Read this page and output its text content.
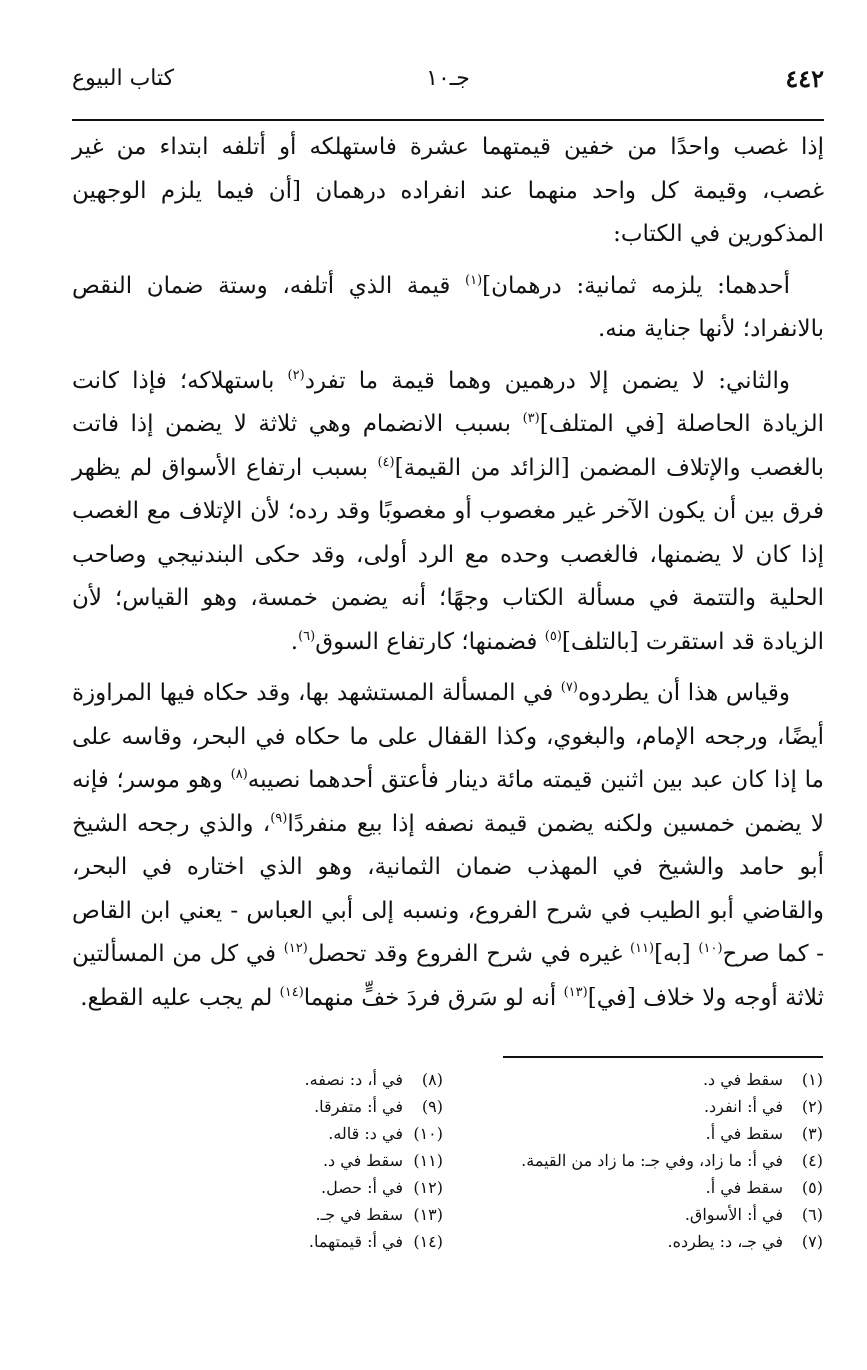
٤٤٢
جـ١٠
كتاب البيوع

إذا غصب واحدًا من خفين قيمتهما عشرة فاستهلكه أو أتلفه ابتداء من غير غصب، وقيمة كل واحد منهما عند انفراده درهمان [أن فيما يلزم الوجهين المذكورين في الكتاب:

أحدهما: يلزمه ثمانية: درهمان]$^{(١)}$ قيمة الذي أتلفه، وستة ضمان النقص بالانفراد؛ لأنها جناية منه.

والثاني: لا يضمن إلا درهمين وهما قيمة ما تفرد$^{(٢)}$ باستهلاكه؛ فإذا كانت الزيادة الحاصلة [في المتلف]$^{(٣)}$ بسبب الانضمام وهي ثلاثة لا يضمن إذا فاتت بالغصب والإتلاف المضمن [الزائد من القيمة]$^{(٤)}$ بسبب ارتفاع الأسواق لم يظهر فرق بين أن يكون الآخر غير مغصوب أو مغصوبًا وقد رده؛ لأن الإتلاف مع الغصب إذا كان لا يضمنها، فالغصب وحده مع الرد أولى، وقد حكى البندنيجي وصاحب الحلية والتتمة في مسألة الكتاب وجهًا؛ أنه يضمن خمسة، وهو القياس؛ لأن الزيادة قد استقرت [بالتلف]$^{(٥)}$ فضمنها؛ كارتفاع السوق$^{(٦)}$.

وقياس هذا أن يطردوه$^{(٧)}$ في المسألة المستشهد بها، وقد حكاه فيها المراوزة أيضًا، ورجحه الإمام، والبغوي، وكذا القفال على ما حكاه في البحر، وقاسه على ما إذا كان عبد بين اثنين قيمته مائة دينار فأعتق أحدهما نصيبه$^{(٨)}$ وهو موسر؛ فإنه لا يضمن خمسين ولكنه يضمن قيمة نصفه إذا بيع منفردًا$^{(٩)}$، والذي رجحه الشيخ أبو حامد والشيخ في المهذب ضمان الثمانية، وهو الذي اختاره في البحر، والقاضي أبو الطيب في شرح الفروع، ونسبه إلى أبي العباس - يعني ابن القاص - كما صرح$^{(١٠)}$ [به]$^{(١١)}$ غيره في شرح الفروع وقد تحصل$^{(١٢)}$ في كل من المسألتين ثلاثة أوجه ولا خلاف [في]$^{(١٣)}$ أنه لو سَرق فردَ خفٍّ منهما$^{(١٤)}$ لم يجب عليه القطع.

(١)سقط في د.
(٢)في أ: انفرد.
(٣)سقط في أ.
(٤)في أ: ما زاد، وفي جـ: ما زاد من القيمة.
(٥)سقط في أ.
(٦)في أ: الأسواق.
(٧)في جـ، د: يطرده.
(٨)في أ، د: نصفه.
(٩)في أ: متفرقا.
(١٠)في د: قاله.
(١١)سقط في د.
(١٢)في أ: حصل.
(١٣)سقط في جـ.
(١٤)في أ: قيمتهما.
